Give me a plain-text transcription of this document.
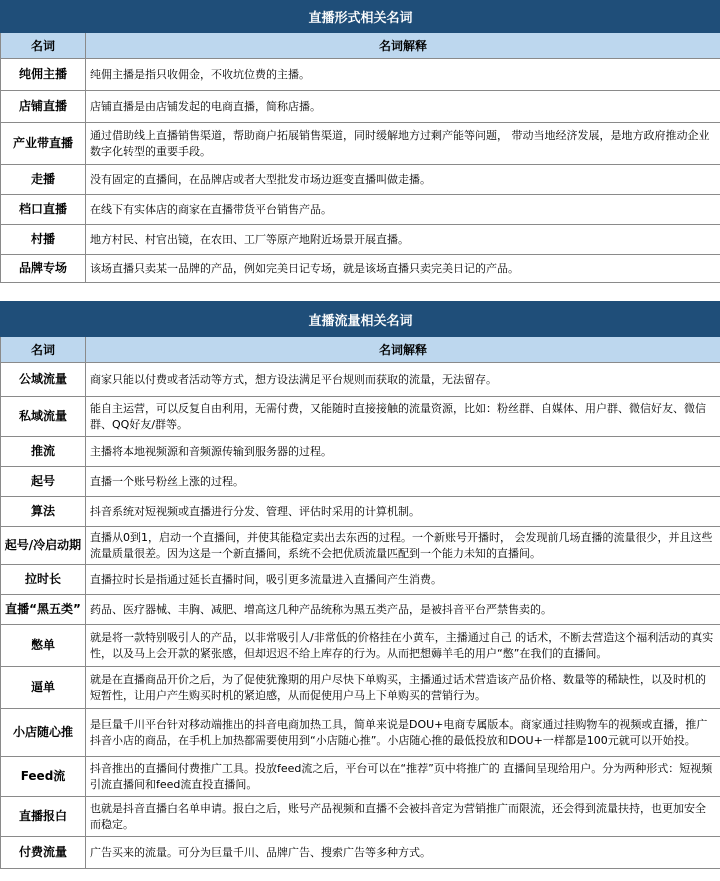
直播形式相关名词	
名词	名词解释
纯佣主播	纯佣主播是指只收佣金，不收坑位费的主播。
店铺直播	店铺直播是由店铺发起的电商直播，简称店播。
产业带直播	通过借助线上直播销售渠道，帮助商户拓展销售渠道，同时缓解地方过剩产能等问题， 带动当地经济发展，是地方政府推动企业数字化转型的重要手段。
走播	没有固定的直播间，在品牌店或者大型批发市场边逛变直播叫做走播。
档口直播	在线下有实体店的商家在直播带货平台销售产品。
村播	地方村民、村官出镜，在农田、工厂等原产地附近场景开展直播。
品牌专场	该场直播只卖某一品牌的产品，例如完美日记专场，就是该场直播只卖完美日记的产品。
直播流量相关名词	
名词	名词解释
公域流量	商家只能以付费或者活动等方式，想方设法满足平台规则而获取的流量，无法留存。
私域流量	能自主运营，可以反复自由利用，无需付费，又能随时直接接触的流量资源，比如：粉丝群、自媒体、用户群、微信好友、微信群、QQ好友/群等。
推流	主播将本地视频源和音频源传输到服务器的过程。
起号	直播一个账号粉丝上涨的过程。
算法	抖音系统对短视频或直播进行分发、管理、评估时采用的计算机制。
起号/冷启动期	直播从0到1，启动一个直播间，并使其能稳定卖出去东西的过程。一个新账号开播时， 会发现前几场直播的流量很少，并且这些流量质量很差。因为这是一个新直播间，系统不会把优质流量匹配到一个能力未知的直播间。
拉时长	直播拉时长是指通过延长直播时间，吸引更多流量进入直播间产生消费。
直播“黑五类”	药品、医疗器械、丰胸、减肥、增高这几种产品统称为黑五类产品，是被抖音平台严禁售卖的。
憋单	就是将一款特别吸引人的产品，以非常吸引人/非常低的价格挂在小黄车，主播通过自己 的话术，不断去营造这个福利活动的真实性，以及马上会开款的紧张感，但却迟迟不给上库存的行为。从而把想薅羊毛的用户“憋”在我们的直播间。
逼单	就是在直播商品开价之后，为了促使犹豫期的用户尽快下单购买，主播通过话术营造该产品价格、数量等的稀缺性，以及时机的短暂性，让用户产生购买时机的紧迫感，从而促使用户马上下单购买的营销行为。
小店随心推	是巨量千川平台针对移动端推出的抖音电商加热工具，简单来说是DOU+电商专属版本。商家通过挂购物车的视频或直播，推广抖音小店的商品，在手机上加热都需要使用到“小店随心推”。小店随心推的最低投放和DOU+一样都是100元就可以开始投。
Feed流	抖音推出的直播间付费推广工具。投放feed流之后，平台可以在“推荐”页中将推广的 直播间呈现给用户。分为两种形式：短视频引流直播间和feed流直投直播间。
直播报白	也就是抖音直播白名单申请。报白之后，账号产品视频和直播不会被抖音定为营销推广而限流，还会得到流量扶持，也更加安全而稳定。
付费流量	广告买来的流量。可分为巨量千川、品牌广告、搜索广告等多种方式。
